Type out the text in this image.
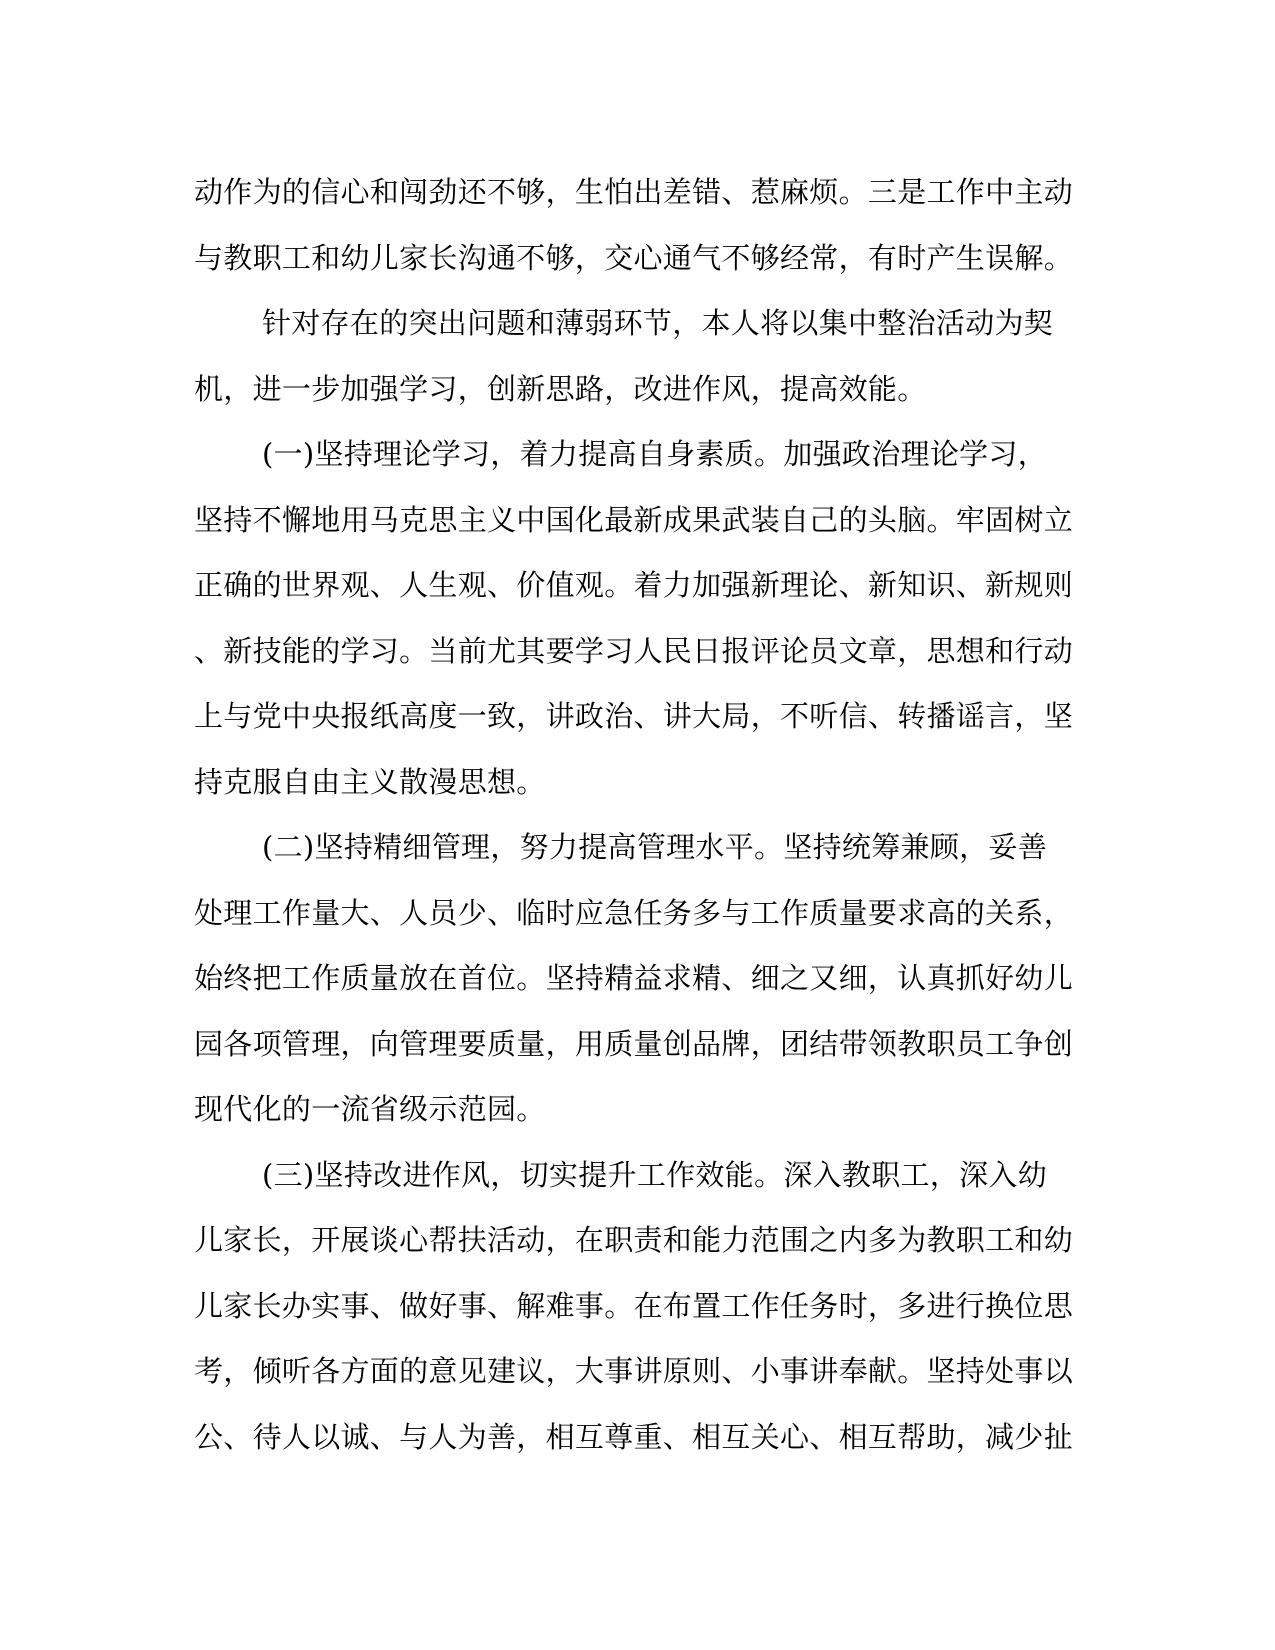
动作为的信心和闯劲还不够，生怕出差错、惹麻烦。三是工作中主动
与教职工和幼儿家长沟通不够，交心通气不够经常，有时产生误解。
针对存在的突出问题和薄弱环节，本人将以集中整治活动为契
机，进一步加强学习，创新思路，改进作风，提高效能。
(一)坚持理论学习，着力提高自身素质。加强政治理论学习，
坚持不懈地用马克思主义中国化最新成果武装自己的头脑。牢固树立
正确的世界观、人生观、价值观。着力加强新理论、新知识、新规则
、新技能的学习。当前尤其要学习人民日报评论员文章，思想和行动
上与党中央报纸高度一致，讲政治、讲大局，不听信、转播谣言，坚
持克服自由主义散漫思想。
(二)坚持精细管理，努力提高管理水平。坚持统筹兼顾，妥善
处理工作量大、人员少、临时应急任务多与工作质量要求高的关系，
始终把工作质量放在首位。坚持精益求精、细之又细，认真抓好幼儿
园各项管理，向管理要质量，用质量创品牌，团结带领教职员工争创
现代化的一流省级示范园。
(三)坚持改进作风，切实提升工作效能。深入教职工，深入幼
儿家长，开展谈心帮扶活动，在职责和能力范围之内多为教职工和幼
儿家长办实事、做好事、解难事。在布置工作任务时，多进行换位思
考，倾听各方面的意见建议，大事讲原则、小事讲奉献。坚持处事以
公、待人以诚、与人为善，相互尊重、相互关心、相互帮助，减少扯
